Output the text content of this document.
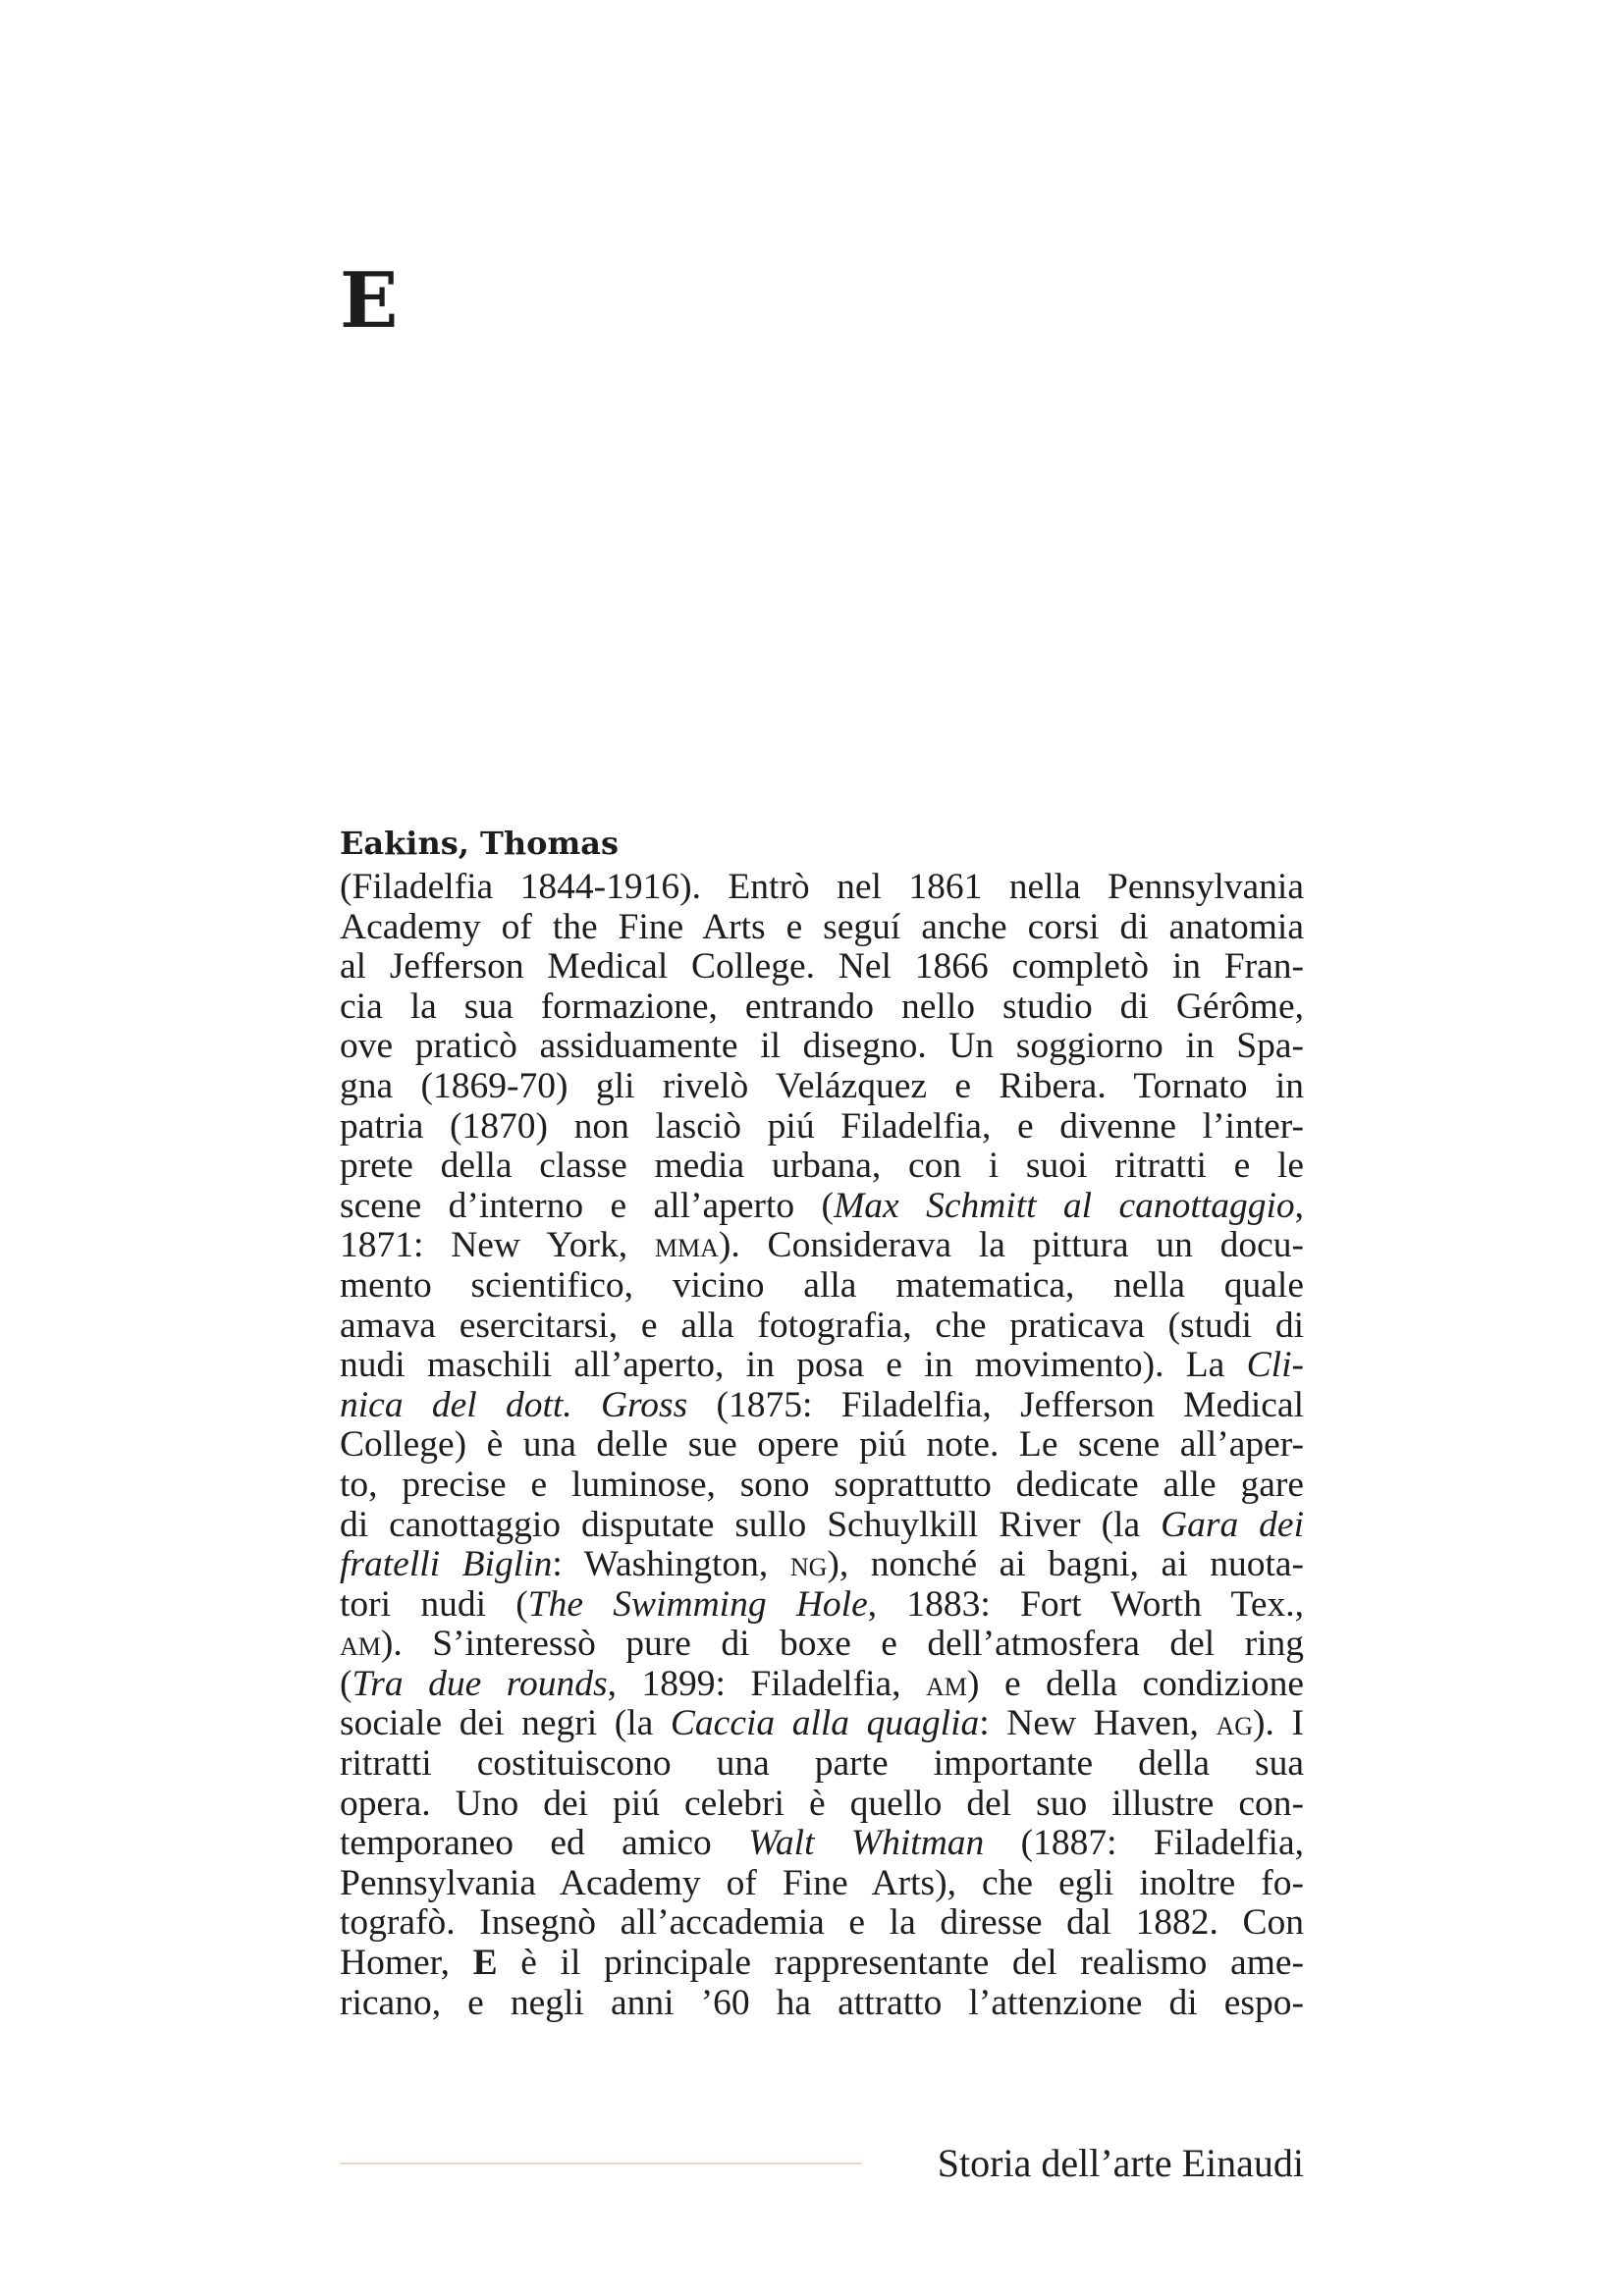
E
Eakins, Thomas
(Filadelfia 1844-1916). Entrò nel 1861 nella Pennsylvania
Academy of the Fine Arts e seguí anche corsi di anatomia
al Jefferson Medical College. Nel 1866 completò in Fran-
cia la sua formazione, entrando nello studio di Gérôme,
ove praticò assiduamente il disegno. Un soggiorno in Spa-
gna (1869-70) gli rivelò Velázquez e Ribera. Tornato in
patria (1870) non lasciò piú Filadelfia, e divenne l’inter-
prete della classe media urbana, con i suoi ritratti e le
scene d’interno e all’aperto (Max Schmitt al canottaggio,
1871: New York, mma). Considerava la pittura un docu-
mento scientifico, vicino alla matematica, nella quale
amava esercitarsi, e alla fotografia, che praticava (studi di
nudi maschili all’aperto, in posa e in movimento). La Cli-
nica del dott. Gross (1875: Filadelfia, Jefferson Medical
College) è una delle sue opere piú note. Le scene all’aper-
to, precise e luminose, sono soprattutto dedicate alle gare
di canottaggio disputate sullo Schuylkill River (la Gara dei
fratelli Biglin: Washington, ng), nonché ai bagni, ai nuota-
tori nudi (The Swimming Hole, 1883: Fort Worth Tex.,
am). S’interessò pure di boxe e dell’atmosfera del ring
(Tra due rounds, 1899: Filadelfia, am) e della condizione
sociale dei negri (la Caccia alla quaglia: New Haven, ag). I
ritratti costituiscono una parte importante della sua
opera. Uno dei piú celebri è quello del suo illustre con-
temporaneo ed amico Walt Whitman (1887: Filadelfia,
Pennsylvania Academy of Fine Arts), che egli inoltre fo-
tografò. Insegnò all’accademia e la diresse dal 1882. Con
Homer, E è il principale rappresentante del realismo ame-
ricano, e negli anni ’60 ha attratto l’attenzione di espo-
Storia dell’arte Einaudi
